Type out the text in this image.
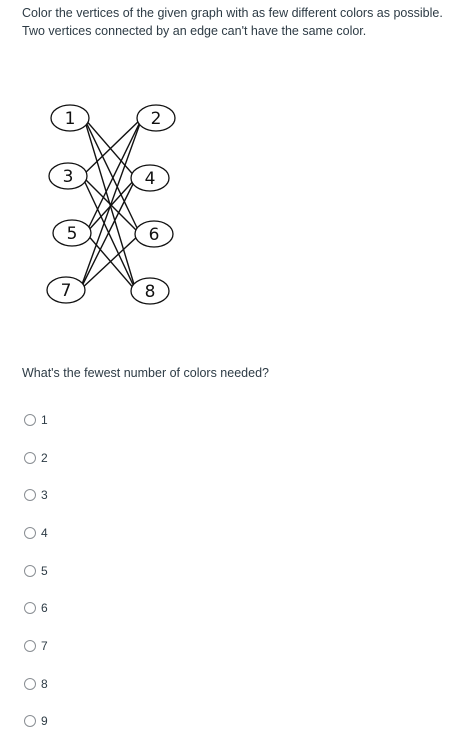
Color the vertices of the given graph with as few different colors as possible. Two vertices connected by an edge can't have the same color.

1	2
3	4
5	6
7	8

What's the fewest number of colors needed?

1
2
3
4
5
6
7
8
9
